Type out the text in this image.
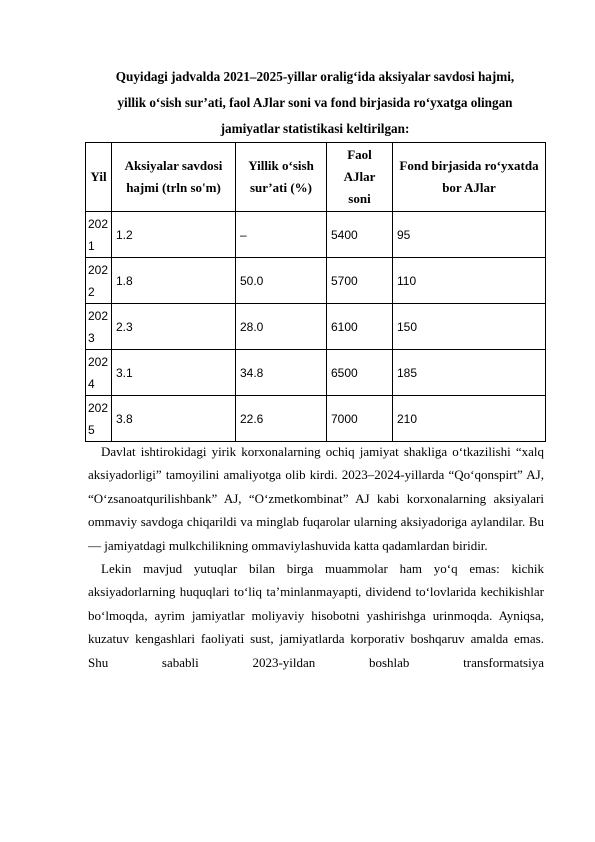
Quyidagi jadvalda 2021–2025-yillar oralig‘ida aksiyalar savdosi hajmi,
yillik o‘sish sur’ati, faol AJlar soni va fond birjasida ro‘yxatga olingan
jamiyatlar statistikasi keltirilgan:
Yil	Aksiyalar savdosi hajmi (trln so'm)	Yillik o‘sish sur’ati (%)	Faol AJlar soni	Fond birjasida ro‘yxatda bor AJlar
2021	1.2	–	5400	95
2022	1.8	50.0	5700	110
2023	2.3	28.0	6100	150
2024	3.1	34.8	6500	185
2025	3.8	22.6	7000	210

Davlat ishtirokidagi yirik korxonalarning ochiq jamiyat shakliga o‘tkazilishi “xalq aksiyadorligi” tamoyilini amaliyotga olib kirdi. 2023–2024-yillarda “Qo‘qonspirt” AJ, “O‘zsanoatqurilishbank” AJ, “O‘zmetkombinat” AJ kabi korxonalarning aksiyalari ommaviy savdoga chiqarildi va minglab fuqarolar ularning aksiyadoriga aylandilar. Bu — jamiyatdagi mulkchilikning ommaviylashuvida katta qadamlardan biridir.

Lekin mavjud yutuqlar bilan birga muammolar ham yo‘q emas: kichik aksiyadorlarning huquqlari to‘liq ta’minlanmayapti, dividend to‘lovlarida kechikishlar bo‘lmoqda, ayrim jamiyatlar moliyaviy hisobotni yashirishga urinmoqda. Ayniqsa, kuzatuv kengashlari faoliyati sust, jamiyatlarda korporativ boshqaruv amalda emas. Shu sababli 2023-yildan boshlab transformatsiya
